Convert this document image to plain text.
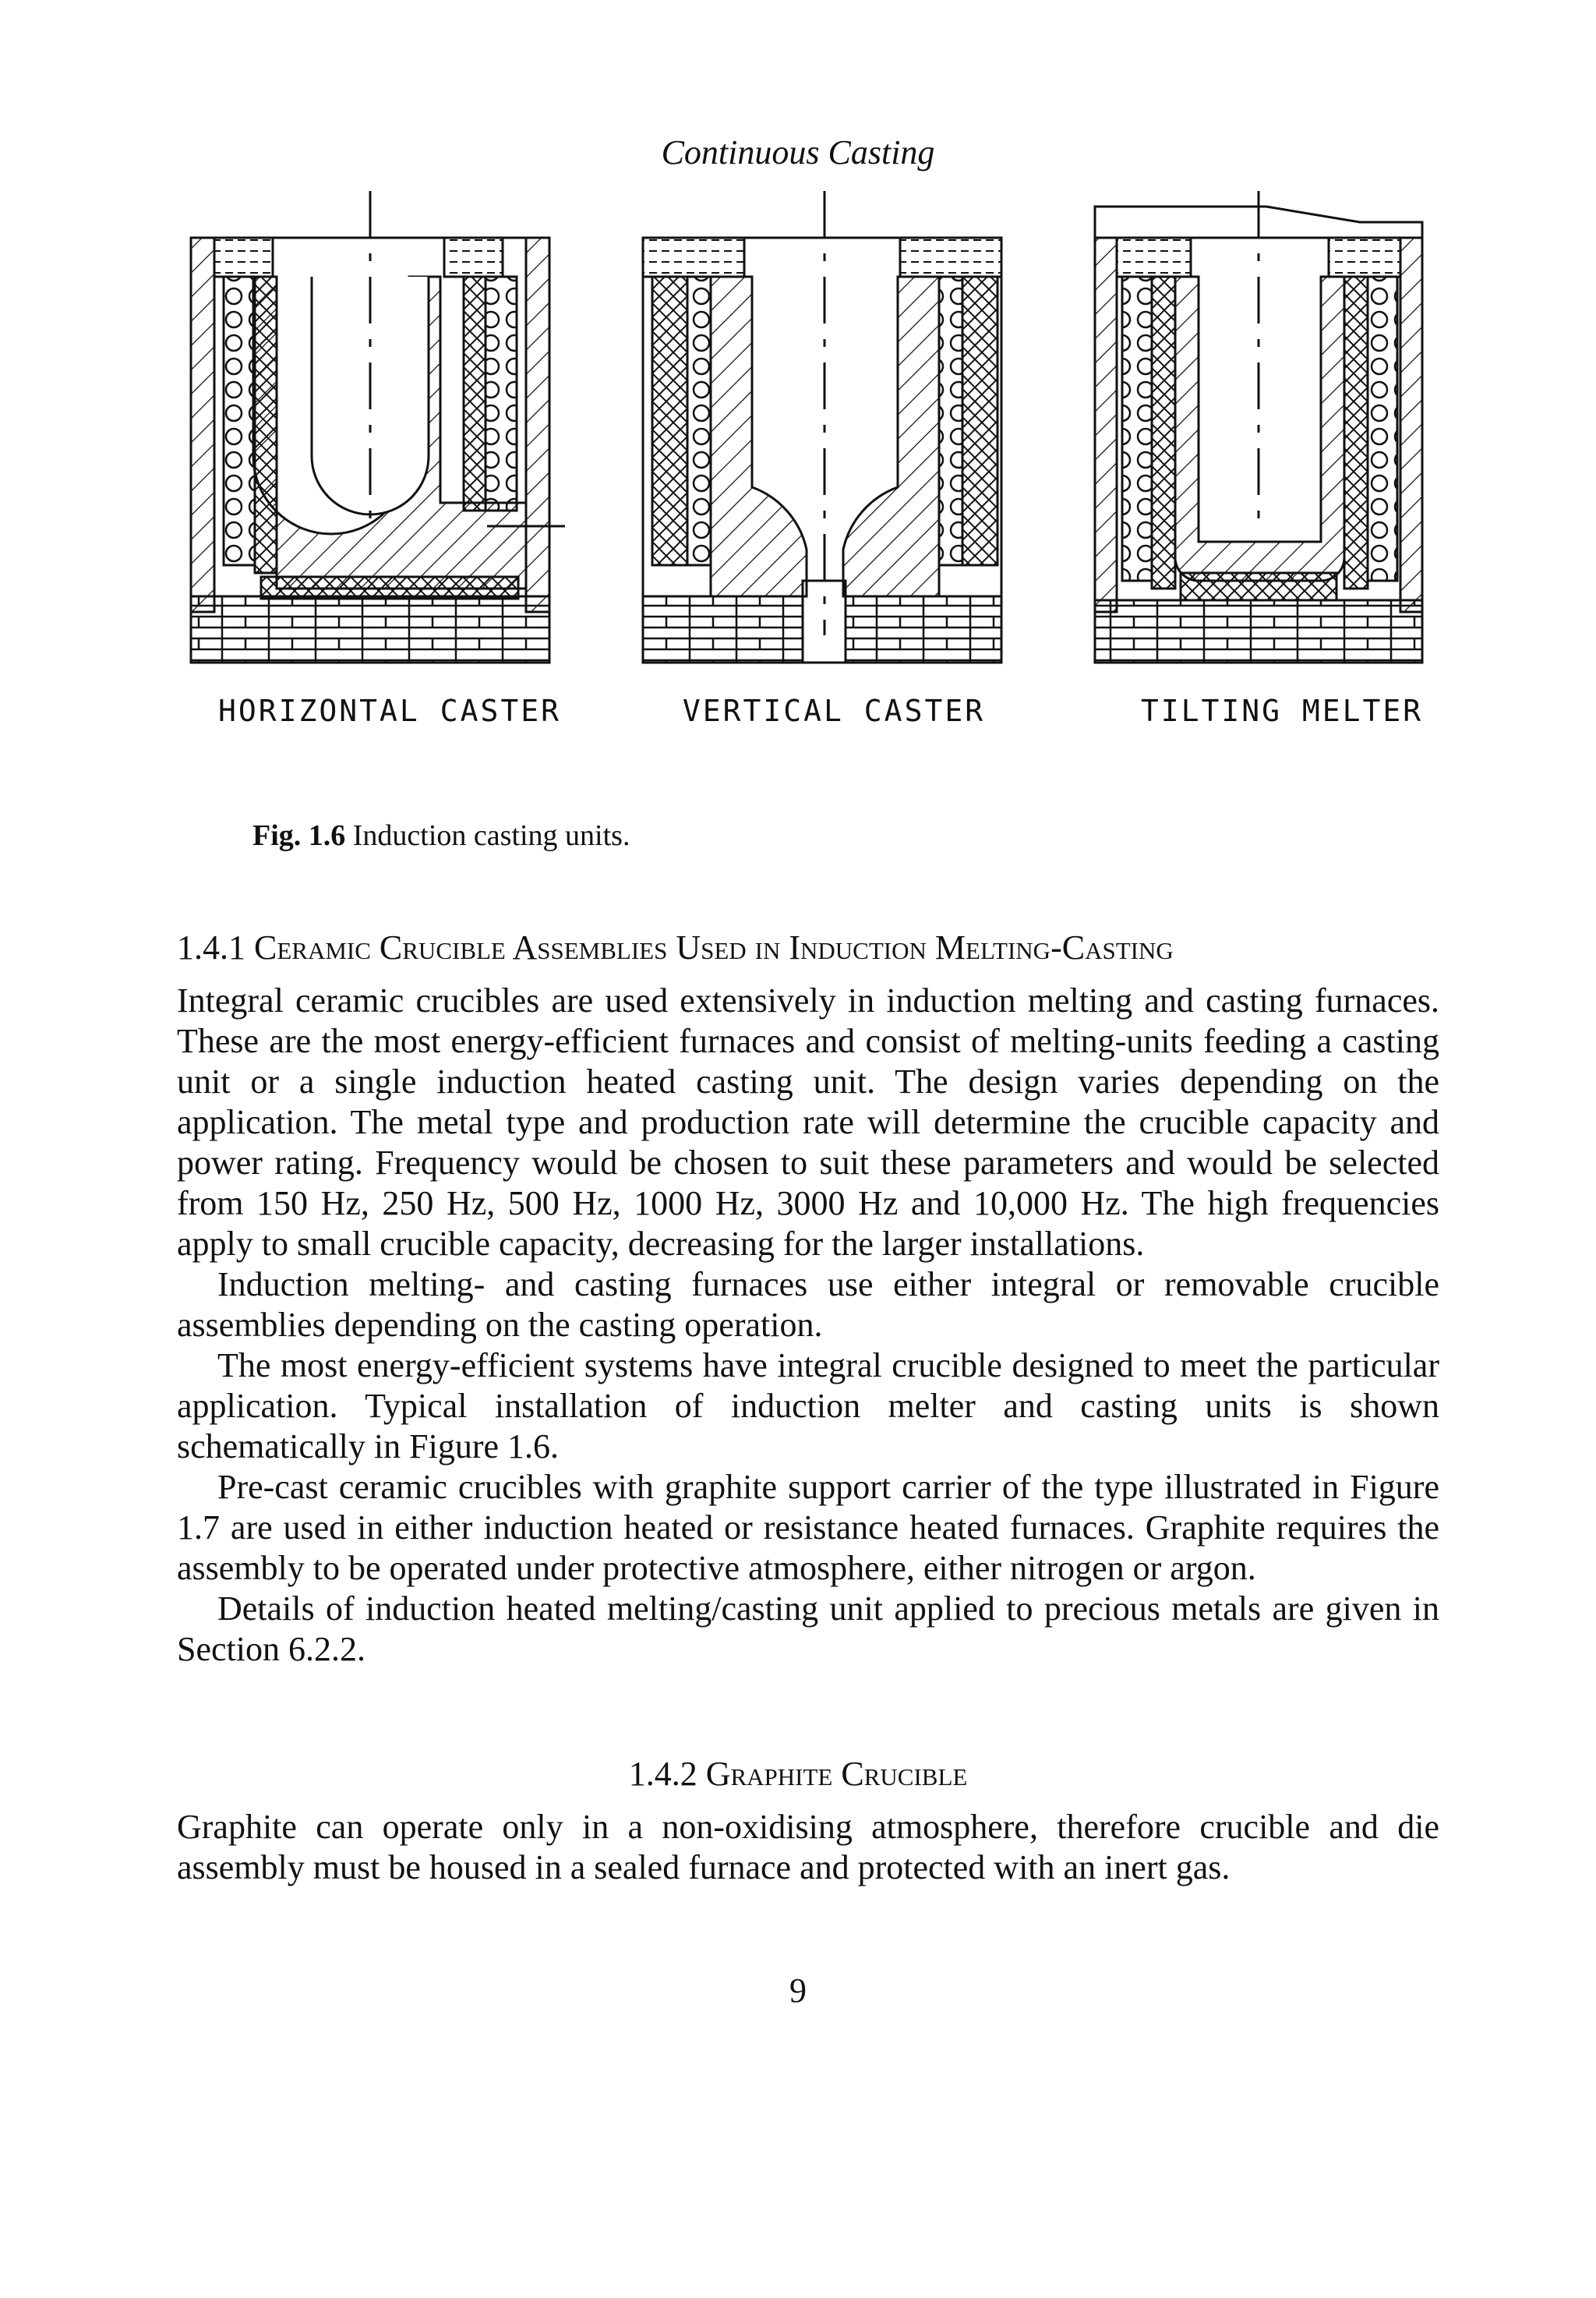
Continuous Casting
HORIZONTAL CASTER	VERTICAL CASTER	TILTING MELTER
Fig. 1.6 Induction casting units.
1.4.1 Ceramic Crucible Assemblies Used in Induction Melting-Casting

Integral ceramic crucibles are used extensively in induction melting and casting furnaces. These are the most energy-efficient furnaces and consist of melting-units feeding a casting unit or a single induction heated casting unit. The design varies depending on the application. The metal type and production rate will determine the crucible capacity and power rating. Frequency would be chosen to suit these parameters and would be selected from 150 Hz, 250 Hz, 500 Hz, 1000 Hz, 3000 Hz and 10,000 Hz. The high frequencies apply to small crucible capacity, decreasing for the larger installations.

Induction melting- and casting furnaces use either integral or removable crucible assemblies depending on the casting operation.

The most energy-efficient systems have integral crucible designed to meet the particular application. Typical installation of induction melter and casting units is shown schematically in Figure 1.6.

Pre-cast ceramic crucibles with graphite support carrier of the type illustrated in Figure 1.7 are used in either induction heated or resistance heated furnaces. Graphite requires the assembly to be operated under protective atmosphere, either nitrogen or argon.

Details of induction heated melting/casting unit applied to precious metals are given in Section 6.2.2.

1.4.2 Graphite Crucible

Graphite can operate only in a non-oxidising atmosphere, therefore crucible and die assembly must be housed in a sealed furnace and protected with an inert gas.

9
